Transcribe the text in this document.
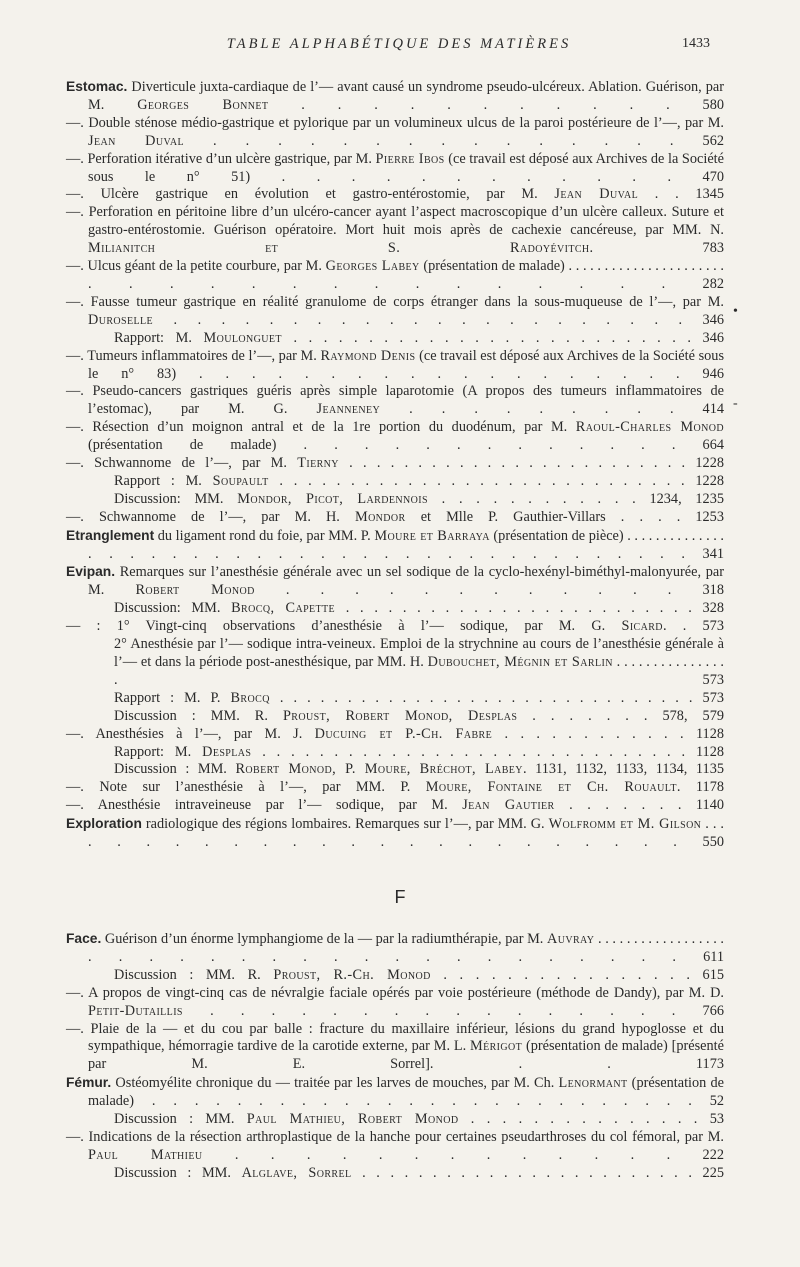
TABLE ALPHABÉTIQUE DES MATIÈRES	1433

Estomac. Diverticule juxta-cardiaque de l’— avant causé un syndrome pseudo-ulcéreux. Ablation. Guérison, par M. Georges Bonnet . . . . . . . . . . . 580

—. Double sténose médio-gastrique et pylorique par un volumineux ulcus de la paroi postérieure de l’—, par M. Jean Duval . . . . . . . . . . . . . . . 562

—. Perforation itérative d’un ulcère gastrique, par M. Pierre Ibos (ce travail est déposé aux Archives de la Société sous le n° 51) . . . . . . . . . . . . 470

—. Ulcère gastrique en évolution et gastro-entérostomie, par M. Jean Duval . . 1345

—. Perforation en péritoine libre d’un ulcéro-cancer ayant l’aspect macroscopique d’un ulcère calleux. Suture et gastro-entérostomie. Guérison opératoire. Mort huit mois après de cachexie cancéreuse, par MM. N. Milianitch et S. Radoyévitch. 783

—. Ulcus géant de la petite courbure, par M. Georges Labey (présentation de malade) . . . . . . . . . . . . . . . . . . . . . . . . . . . . . . . . . . . . . 282

—. Fausse tumeur gastrique en réalité granulome de corps étranger dans la sous-muqueuse de l’—, par M. Duroselle . . . . . . . . . . . . . . . . . . . . . . 346

Rapport: M. Moulonguet . . . . . . . . . . . . . . . . . . . . . . . . . . . 346

—. Tumeurs inflammatoires de l’—, par M. Raymond Denis (ce travail est déposé aux Archives de la Société sous le n° 83) . . . . . . . . . . . . . . . . . . . 946

—. Pseudo-cancers gastriques guéris après simple laparotomie (A propos des tumeurs inflammatoires de l’estomac), par M. G. Jeanneney . . . . . . . . . 414

—. Résection d’un moignon antral et de la 1re portion du duodénum, par M. Raoul-Charles Monod (présentation de malade) . . . . . . . . . . . . . 664

—. Schwannome de l’—, par M. Tierny . . . . . . . . . . . . . . . . . . . . . . . . . 1228

Rapport : M. Soupault . . . . . . . . . . . . . . . . . . . . . . . . . . . . . 1228

Discussion: MM. Mondor, Picot, Lardennois . . . . . . . . . . . . 1234, 1235

—. Schwannome de l’—, par M. H. Mondor et Mlle P. Gauthier-Villars . . . . 1253

Etranglement du ligament rond du foie, par MM. P. Moure et Barraya (présentation de pièce) . . . . . . . . . . . . . . . . . . . . . . . . . . . . . . . . . . . . . . . . . . . 341

Evipan. Remarques sur l’anesthésie générale avec un sel sodique de la cyclo-hexényl-biméthyl-malonyurée, par M. Robert Monod . . . . . . . . . . . . 318

Discussion: MM. Brocq, Capette . . . . . . . . . . . . . . . . . . . . . . . . . 328

— : 1° Vingt-cinq observations d’anesthésie à l’— sodique, par M. G. Sicard. . 573

2° Anesthésie par l’— sodique intra-veineux. Emploi de la strychnine au cours de l’anesthésie générale à l’— et dans la période post-anesthésique, par MM. H. Dubouchet, Mégnin et Sarlin . . . . . . . . . . . . . . . . 573

Rapport : M. P. Brocq . . . . . . . . . . . . . . . . . . . . . . . . . . . . . . . 573

Discussion : MM. R. Proust, Robert Monod, Desplas . . . . . . . 578, 579

—. Anesthésies à l’—, par M. J. Ducuing et P.-Ch. Fabre . . . . . . . . . . . . 1128

Rapport: M. Desplas . . . . . . . . . . . . . . . . . . . . . . . . . . . . . . 1128

Discussion : MM. Robert Monod, P. Moure, Bréchot, Labey. 1131, 1132, 1133, 1134, 1135

—. Note sur l’anesthésie à l’—, par MM. P. Moure, Fontaine et Ch. Rouault. 1178

—. Anesthésie intraveineuse par l’— sodique, par M. Jean Gautier . . . . . . . 1140

Exploration radiologique des régions lombaires. Remarques sur l’—, par MM. G. Wolfromm et M. Gilson . . . . . . . . . . . . . . . . . . . . . . . . 550

F

Face. Guérison d’un énorme lymphangiome de la — par la radiumthérapie, par M. Auvray . . . . . . . . . . . . . . . . . . . . . . . . . . . . . . . . . . . . . . 611

Discussion : MM. R. Proust, R.-Ch. Monod . . . . . . . . . . . . . . . . 615

—. A propos de vingt-cinq cas de névralgie faciale opérés par voie postérieure (méthode de Dandy), par M. D. Petit-Dutaillis . . . . . . . . . . . . . . . . 766

—. Plaie de la — et du cou par balle : fracture du maxillaire inférieur, lésions du grand hypoglosse et du sympathique, hémorragie tardive de la carotide externe, par M. L. Mérigot (présentation de malade) [présenté par M. E. Sorrel]. . . 1173

Fémur. Ostéomyélite chronique du — traitée par les larves de mouches, par M. Ch. Lenormant (présentation de malade) . . . . . . . . . . . . . . . . . . . . . . . . . . 52

Discussion : MM. Paul Mathieu, Robert Monod . . . . . . . . . . . . . . . 53

—. Indications de la résection arthroplastique de la hanche pour certaines pseudarthroses du col fémoral, par M. Paul Mathieu . . . . . . . . . . . . . 222

Discussion : MM. Alglave, Sorrel . . . . . . . . . . . . . . . . . . . . . . . . 225

•
-
